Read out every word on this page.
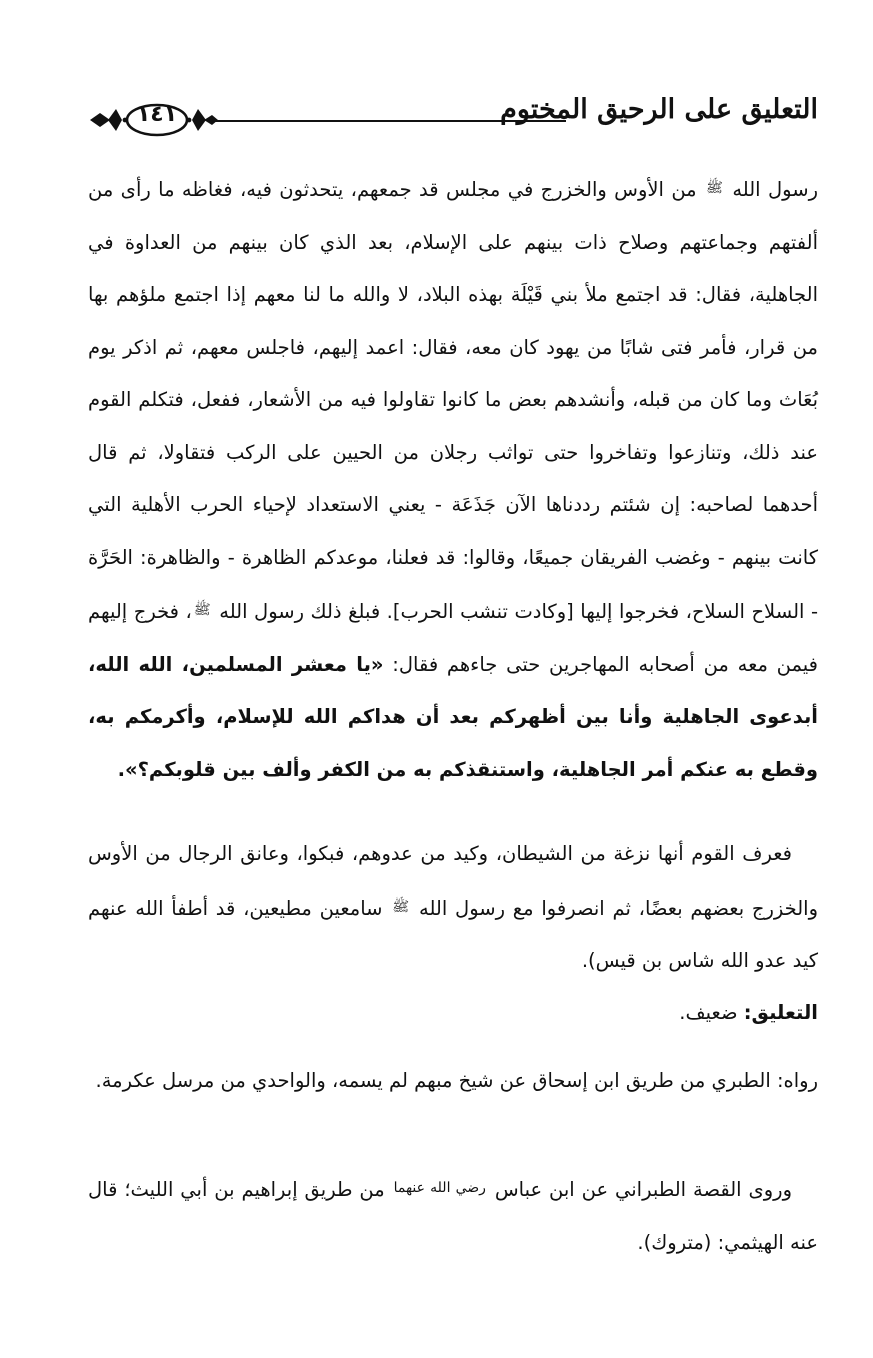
التعليق على الرحيق المختوم
١٤١
رسول الله $^ﷺ$ من الأوس والخزرج في مجلس قد جمعهم، يتحدثون فيه، فغاظه ما رأى من ألفتهم وجماعتهم وصلاح ذات بينهم على الإسلام، بعد الذي كان بينهم من العداوة في الجاهلية، فقال: قد اجتمع ملأ بني قَيْلَة بهذه البلاد، لا والله ما لنا معهم إذا اجتمع ملؤهم بها من قرار، فأمر فتى شابًا من يهود كان معه، فقال: اعمد إليهم، فاجلس معهم، ثم اذكر يوم بُعَاث وما كان من قبله، وأنشدهم بعض ما كانوا تقاولوا فيه من الأشعار، ففعل، فتكلم القوم عند ذلك، وتنازعوا وتفاخروا حتى تواثب رجلان من الحيين على الركب فتقاولا، ثم قال أحدهما لصاحبه: إن شئتم رددناها الآن جَذَعَة - يعني الاستعداد لإحياء الحرب الأهلية التي كانت بينهم - وغضب الفريقان جميعًا، وقالوا: قد فعلنا، موعدكم الظاهرة - والظاهرة: الحَرَّة - السلاح السلاح، فخرجوا إليها [وكادت تنشب الحرب]. فبلغ ذلك رسول الله $^ﷺ$، فخرج إليهم فيمن معه من أصحابه المهاجرين حتى جاءهم فقال: «يا معشر المسلمين، الله الله، أبدعوى الجاهلية وأنا بين أظهركم بعد أن هداكم الله للإسلام، وأكرمكم به، وقطع به عنكم أمر الجاهلية، واستنقذكم به من الكفر وألف بين قلوبكم؟».
فعرف القوم أنها نزغة من الشيطان، وكيد من عدوهم، فبكوا، وعانق الرجال من الأوس والخزرج بعضهم بعضًا، ثم انصرفوا مع رسول الله $^ﷺ$ سامعين مطيعين، قد أطفأ الله عنهم كيد عدو الله شاس بن قيس).
التعليق: ضعيف.
رواه: الطبري من طريق ابن إسحاق عن شيخ مبهم لم يسمه، والواحدي من مرسل عكرمة.
وروى القصة الطبراني عن ابن عباس $^{رضي الله عنهما}$ من طريق إبراهيم بن أبي الليث؛ قال عنه الهيثمي: (متروك).
